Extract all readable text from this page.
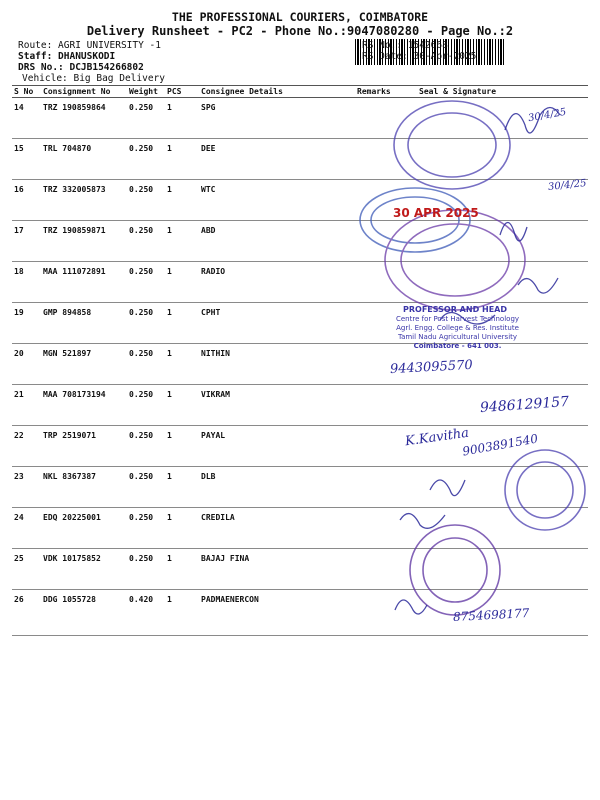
THE PROFESSIONAL COURIERS, COIMBATORE
Delivery Runsheet - PC2 - Phone No.:9047080280 - Page No.:2
Route: AGRI UNIVERSITY -1
Staff: DHANUSKODI
DRS No.: DCJB154266802
Vehicle: Big Bag Delivery
RS No.: 1542668
RS Date: 30-Apr-2025
S No	Consignment No	Weight	PCS	Consignee Details	Remarks	Seal & Signature
14	TRZ 190859864	0.250	1	SPG		
15	TRL 704870	0.250	1	DEE		
16	TRZ 332005873	0.250	1	WTC		
17	TRZ 190859871	0.250	1	ABD		
18	MAA 111072891	0.250	1	RADIO		
19	GMP 894858	0.250	1	CPHT		
20	MGN 521897	0.250	1	NITHIN		
21	MAA 708173194	0.250	1	VIKRAM		
22	TRP 2519071	0.250	1	PAYAL		
23	NKL 8367387	0.250	1	DLB		
24	EDQ 20225001	0.250	1	CREDILA		
25	VDK 10175852	0.250	1	BAJAJ FINA		
26	DDG 1055728	0.420	1	PADMAENERCON		
30 APR 2025
PROFESSOR AND HEAD
Centre for Post Harvest Technology
Agrl. Engg. College & Res. Institute
Tamil Nadu Agricultural University
Coimbatore - 641 003.
30/4/25
30/4/25
9443095570
9486129157
K.Kavitha
9003891540
8754698177
